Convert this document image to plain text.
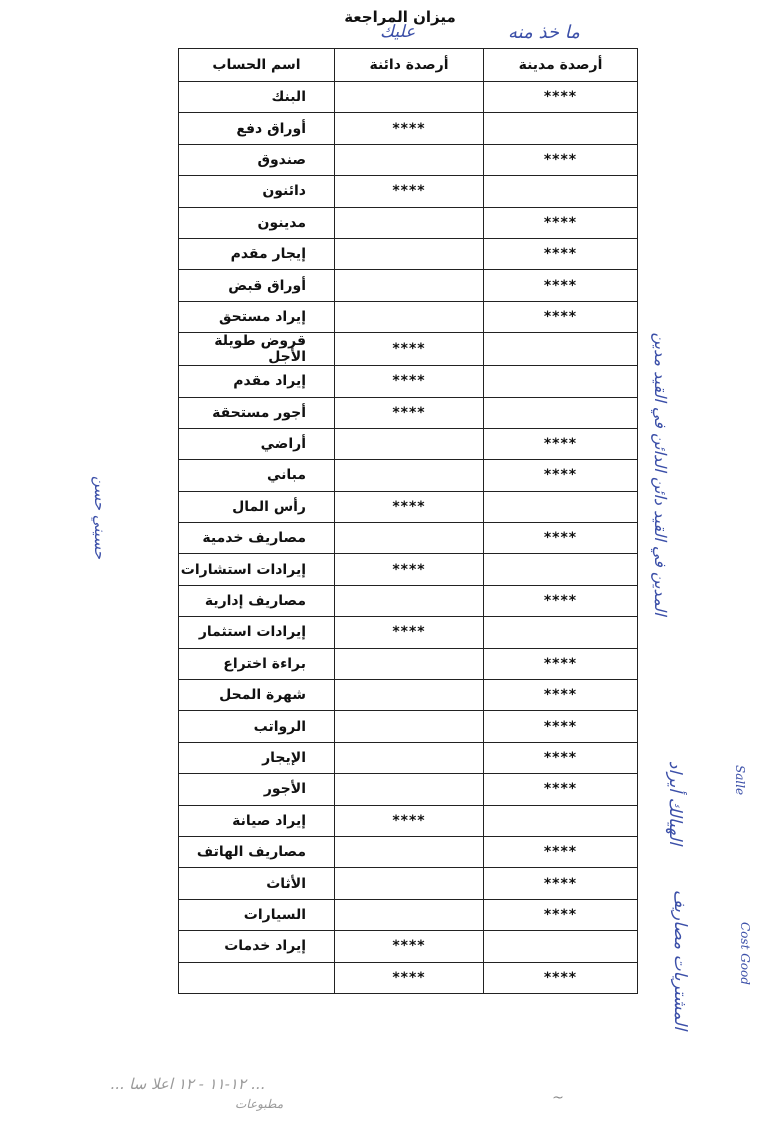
ميزان المراجعة
عليك	ما خذ منه
أرصدة مدينة	أرصدة دائنة	اسم الحساب
****		البنك
	****	أوراق دفع
****		صندوق
	****	دائنون
****		مدينون
****		إيجار مقدم
****		أوراق قبض
****		إيراد مستحق
	****	قروض طويلة الأجل
	****	إيراد مقدم
	****	أجور مستحقة
****		أراضي
****		مباني
	****	رأس المال
****		مصاريف خدمية
	****	إيرادات استشارات
****		مصاريف إدارية
	****	إيرادات استثمار
****		براءة اختراع
****		شهرة المحل
****		الرواتب
****		الإيجار
****		الأجور
	****	إيراد صيانة
****		مصاريف الهاتف
****		الأثاث
****		السيارات
	****	إيراد خدمات
****	****	
حسيني حسن	المدين في القيد دائن الدائن في القيد مدين
الهيالك أيراد	Salle
المشتريات مصاريف	Cost Good
... ١٢-١١ - ١٢ اعلا سا ...
مطبوعات	~
